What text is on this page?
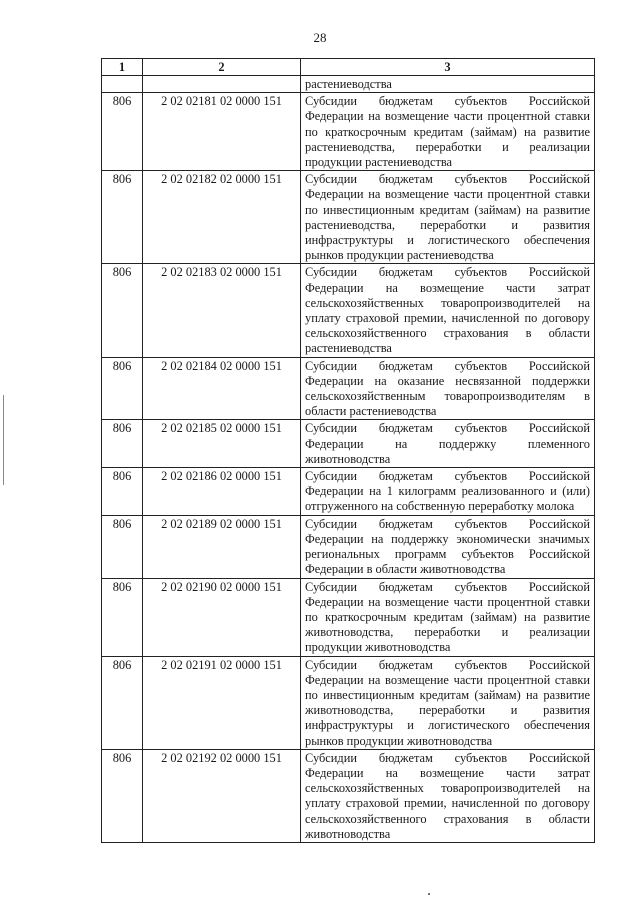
28
1	2	3
		растениеводства
806	2 02 02181 02 0000 151	Субсидии бюджетам субъектов Российской Федерации на возмещение части процентной ставки по краткосрочным кредитам (займам) на развитие растениеводства, переработки и реализации продукции растениеводства
806	2 02 02182 02 0000 151	Субсидии бюджетам субъектов Российской Федерации на возмещение части процентной ставки по инвестиционным кредитам (займам) на развитие растениеводства, переработки и развития инфраструктуры и логистического обеспечения рынков продукции растениеводства
806	2 02 02183 02 0000 151	Субсидии бюджетам субъектов Российской Федерации на возмещение части затрат сельскохозяйственных товаропроизводителей на уплату страховой премии, начисленной по договору сельскохозяйственного страхования в области растениеводства
806	2 02 02184 02 0000 151	Субсидии бюджетам субъектов Российской Федерации на оказание несвязанной поддержки сельскохозяйственным товаропроизводителям в области растениеводства
806	2 02 02185 02 0000 151	Субсидии бюджетам субъектов Российской Федерации на поддержку племенного животноводства
806	2 02 02186 02 0000 151	Субсидии бюджетам субъектов Российской Федерации на 1 килограмм реализованного и (или) отгруженного на собственную переработку молока
806	2 02 02189 02 0000 151	Субсидии бюджетам субъектов Российской Федерации на поддержку экономически значимых региональных программ субъектов Российской Федерации в области животноводства
806	2 02 02190 02 0000 151	Субсидии бюджетам субъектов Российской Федерации на возмещение части процентной ставки по краткосрочным кредитам (займам) на развитие животноводства, переработки и реализации продукции животноводства
806	2 02 02191 02 0000 151	Субсидии бюджетам субъектов Российской Федерации на возмещение части процентной ставки по инвестиционным кредитам (займам) на развитие животноводства, переработки и развития инфраструктуры и логистического обеспечения рынков продукции животноводства
806	2 02 02192 02 0000 151	Субсидии бюджетам субъектов Российской Федерации на возмещение части затрат сельскохозяйственных товаропроизводителей на уплату страховой премии, начисленной по договору сельскохозяйственного страхования в области животноводства
